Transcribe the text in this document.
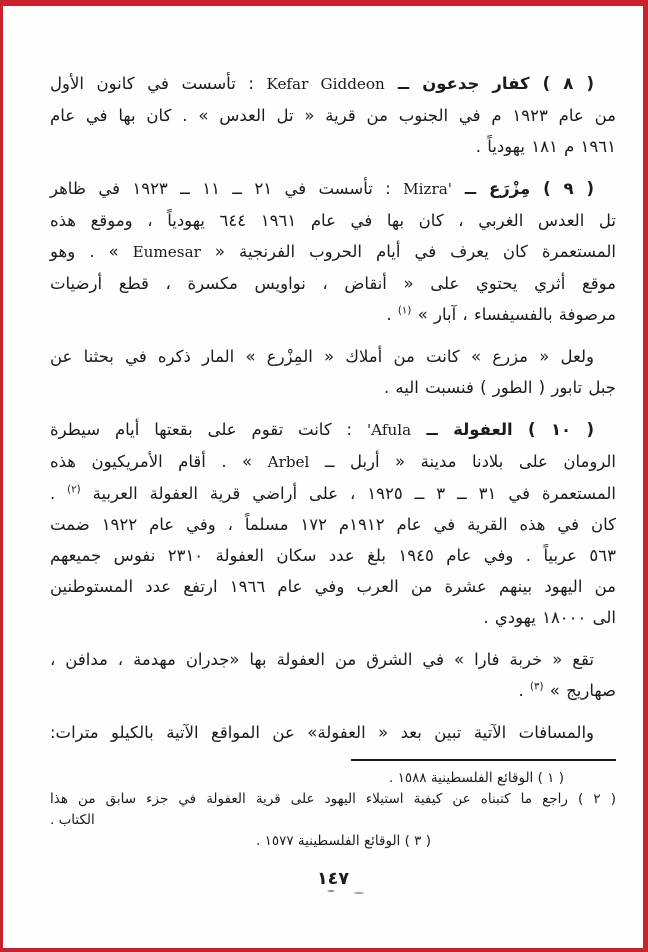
( ٨ ) كفار جدعون ــ Kefar Giddeon : تأسست في كانون الأول
من عام ١٩٢٣ م في الجنوب من قرية « تل العدس » . كان بها في عام
١٩٦١ م ١٨١ يهودياً .
( ٩ ) مِزْرَع ــ Mizra' : تأسست في ٢١ ــ ١١ ــ ١٩٢٣ في ظاهر
تل العدس الغربي ، كان بها في عام ١٩٦١ ٦٤٤ يهودياً ، وموقع هذه
المستعمرة كان يعرف في أيام الحروب الفرنجية « Eumesar » . وهو
موقع أثري يحتوي على « أنقاض ، نواويس مكسرة ، قطع أرضيات
مرصوفة بالفسيفساء ، آبار » $^{(١)}$ .
ولعل « مزرع » كانت من أملاك « المِزْرع » المار ذكره في بحثنا عن
جبل تابور ( الطور ) فنسبت اليه .
( ١٠ ) العفولة ــ 'Afula : كانت تقوم على بقعتها أيام سيطرة
الرومان على بلادنا مدينة « أربل ــ Arbel » . أقام الأمريكيون هذه
المستعمرة في ٣١ ــ ٣ ــ ١٩٢٥ ، على أراضي قرية العفولة العربية $^{(٢)}$ .
كان في هذه القرية في عام ١٩١٢م ١٧٢ مسلماً ، وفي عام ١٩٢٢ ضمت
٥٦٣ عربياً . وفي عام ١٩٤٥ بلغ عدد سكان العفولة ٢٣١٠ نفوس جميعهم
من اليهود بينهم عشرة من العرب وفي عام ١٩٦٦ ارتفع عدد المستوطنين
الى ١٨٠٠٠ يهودي .
تقع « خربة فارا » في الشرق من العفولة بها «جدران مهدمة ، مدافن ،
صهاريج » $^{(٣)}$ .
والمسافات الآتية تبين بعد « العفولة» عن المواقع الآتية بالكيلو مترات:
( ١ ) الوقائع الفلسطينية ١٥٨٨ .
( ٢ ) راجع ما كتبناه عن كيفية استيلاء اليهود على قرية العفولة في جزء سابق من هذا
الكتاب .
( ٣ ) الوقائع الفلسطينية ١٥٧٧ .
١٤٧
